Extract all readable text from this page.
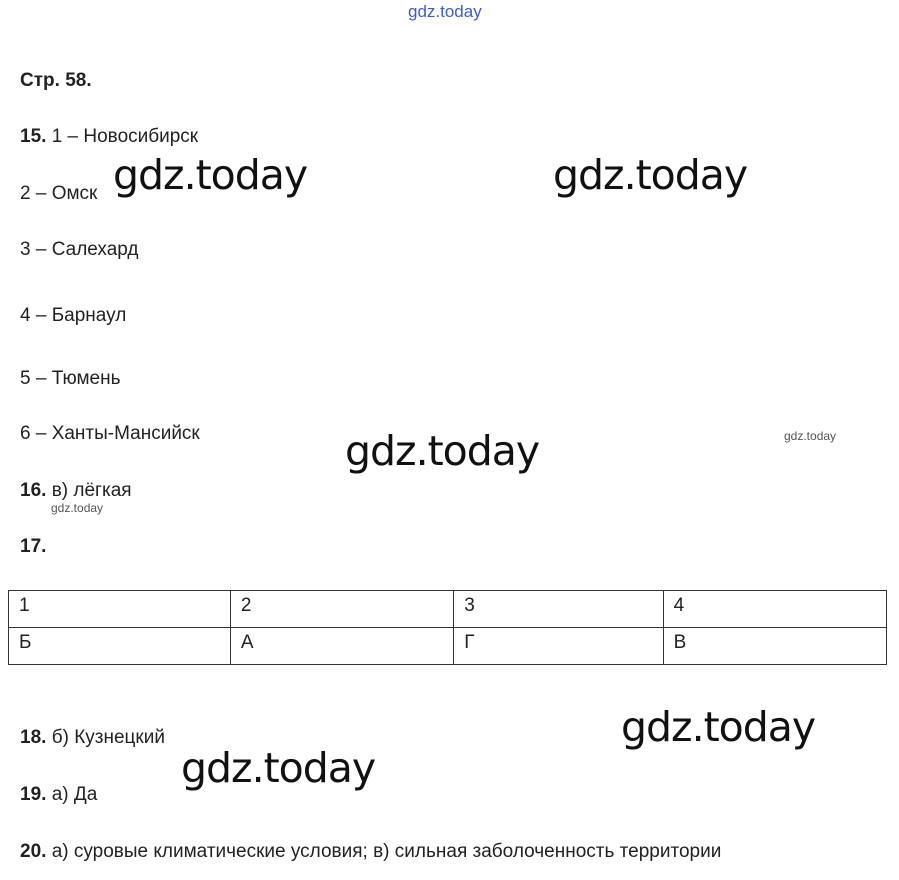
gdz.today
gdz.today	gdz.today
gdz.today
gdz.today
gdz.today
gdz.today
gdz.today
Стр. 58.
15. 1 – Новосибирск
2 – Омск
3 – Салехард
4 – Барнаул
5 – Тюмень
6 – Ханты-Мансийск
16. в) лёгкая
17.
1	2	3	4
Б	А	Г	В
18. б) Кузнецкий
19. а) Да
20. а) суровые климатические условия; в) сильная заболоченность территории
